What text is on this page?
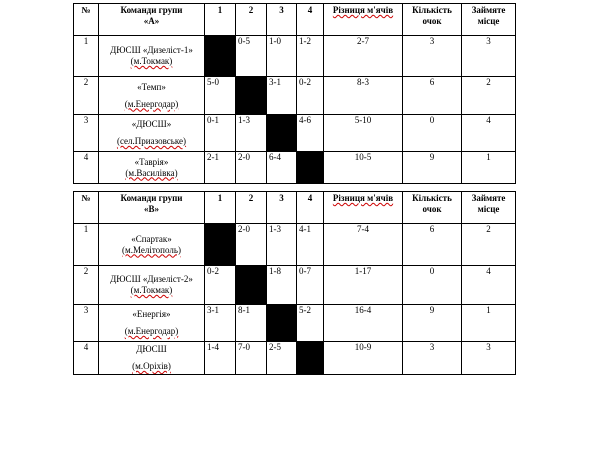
№	Команди групи
«А»	1	2	3	4	Різниця м'ячів	Кількість очок	Займяте місце
1	ДЮСШ «Дизеліст-1»
(м.Токмак)		0-5	1-0	1-2	2-7	3	3
2	«Темп»
(м.Енергодар)	5-0		3-1	0-2	8-3	6	2
3	«ДЮСШ»
(сел.Приазовське)	0-1	1-3		4-6	5-10	0	4
4	«Таврія»
(м.Василівка)	2-1	2-0	6-4		10-5	9	1
№	Команди групи
«В»	1	2	3	4	Різниця м'ячів	Кількість очок	Займяте місце
1	«Спартак»
(м.Мелітополь)		2-0	1-3	4-1	7-4	6	2
2	ДЮСШ «Дизеліст-2»
(м.Токмак)	0-2		1-8	0-7	1-17	0	4
3	«Енергія»
(м.Енергодар)	3-1	8-1		5-2	16-4	9	1
4	ДЮСШ
(м.Оріхів)	1-4	7-0	2-5		10-9	3	3
